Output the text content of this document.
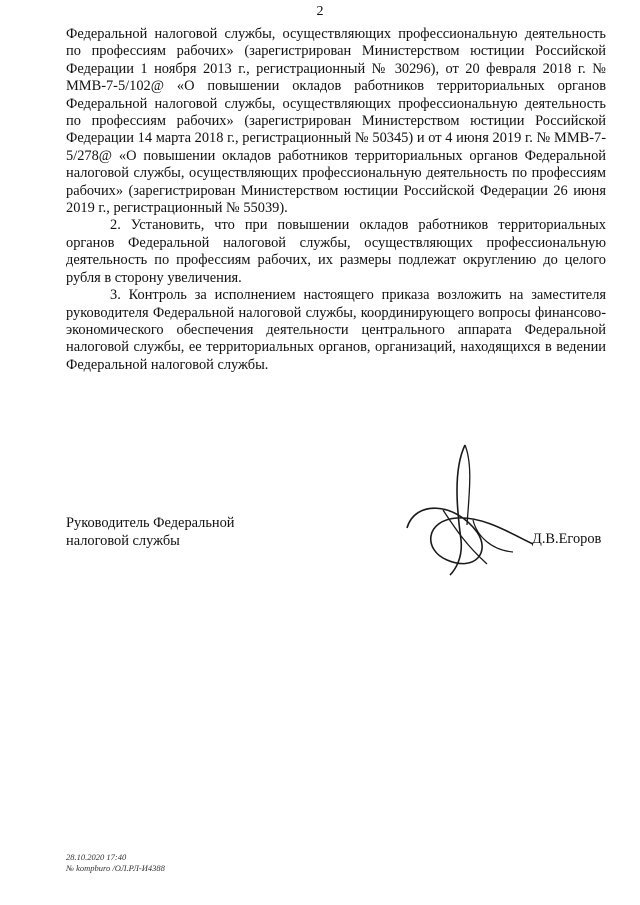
2

Федеральной налоговой службы, осуществляющих профессиональную деятельность по профессиям рабочих» (зарегистрирован Министерством юстиции Российской Федерации 1 ноября 2013 г., регистрационный № 30296), от 20 февраля 2018 г. № ММВ-7-5/102@ «О повышении окладов работников территориальных органов Федеральной налоговой службы, осуществляющих профессиональную деятельность по профессиям рабочих» (зарегистрирован Министерством юстиции Российской Федерации 14 марта 2018 г., регистрационный № 50345) и от 4 июня 2019 г. № ММВ-7-5/278@ «О повышении окладов работников территориальных органов Федеральной налоговой службы, осуществляющих профессиональную деятельность по профессиям рабочих» (зарегистрирован Министерством юстиции Российской Федерации 26 июня 2019 г., регистрационный № 55039).

2. Установить, что при повышении окладов работников территориальных органов Федеральной налоговой службы, осуществляющих профессиональную деятельность по профессиям рабочих, их размеры подлежат округлению до целого рубля в сторону увеличения.

3. Контроль за исполнением настоящего приказа возложить на заместителя руководителя Федеральной налоговой службы, координирующего вопросы финансово-экономического обеспечения деятельности центрального аппарата Федеральной налоговой службы, ее территориальных органов, организаций, находящихся в ведении Федеральной налоговой службы.

Руководитель Федеральной
налоговой службы	Д.В.Егоров
28.10.2020 17:40
№ kompburo /ОЛ.РЛ-И4388
